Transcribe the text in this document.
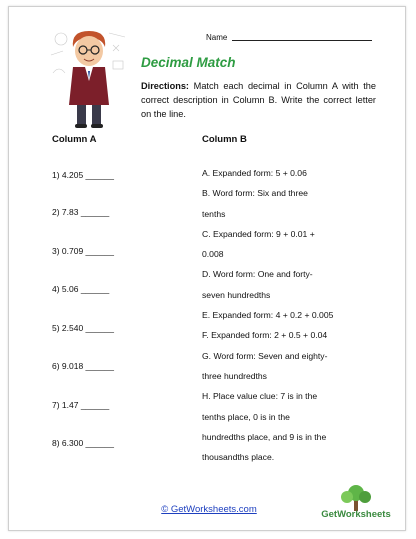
Name
Decimal Match
Directions: Match each decimal in Column A with the correct description in Column B. Write the correct letter on the line.
Column A	Column B
1) 4.205 ______
2) 7.83 ______
3) 0.709 ______
4) 5.06 ______
5) 2.540 ______
6) 9.018 ______
7) 1.47 ______
8) 6.300 ______
A. Expanded form: 5 + 0.06
B. Word form: Six and three
tenths
C. Expanded form: 9 + 0.01 +
0.008
D. Word form: One and forty-
seven hundredths
E. Expanded form: 4 + 0.2 + 0.005
F. Expanded form: 2 + 0.5 + 0.04
G. Word form: Seven and eighty-
three hundredths
H. Place value clue: 7 is in the
tenths place, 0 is in the
hundredths place, and 9 is in the
thousandths place.
© GetWorksheets.com	GetWorksheets
